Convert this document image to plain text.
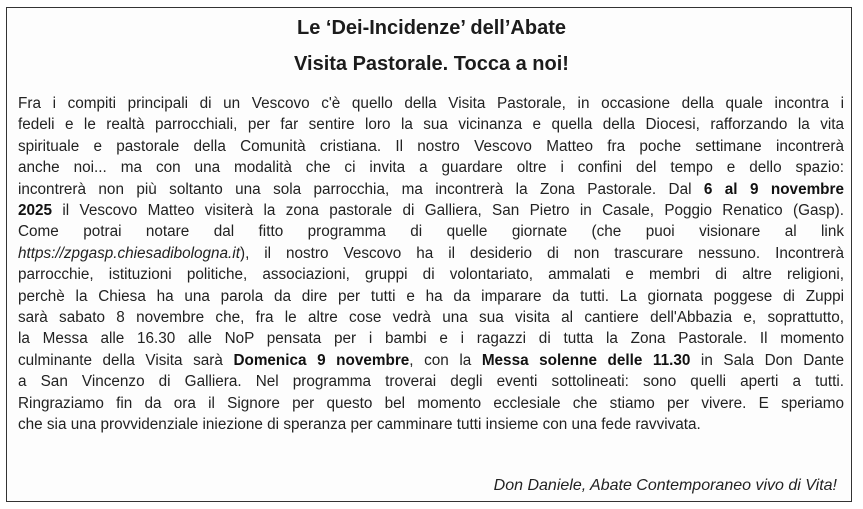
Le ‘Dei-Incidenze’ dell’Abate
Visita Pastorale. Tocca a noi!
Fra i compiti principali di un Vescovo c'è quello della Visita Pastorale, in occasione della quale incontra i
fedeli e le realtà parrocchiali, per far sentire loro la sua vicinanza e quella della Diocesi, rafforzando la vita
spirituale e pastorale della Comunità cristiana. Il nostro Vescovo Matteo fra poche settimane incontrerà
anche noi... ma con una modalità che ci invita a guardare oltre i confini del tempo e dello spazio:
incontrerà non più soltanto una sola parrocchia, ma incontrerà la Zona Pastorale. Dal 6 al 9 novembre
2025 il Vescovo Matteo visiterà la zona pastorale di Galliera, San Pietro in Casale, Poggio Renatico (Gasp).
Come potrai notare dal fitto programma di quelle giornate (che puoi visionare al link
https://zpgasp.chiesadibologna.it), il nostro Vescovo ha il desiderio di non trascurare nessuno. Incontrerà
parrocchie, istituzioni politiche, associazioni, gruppi di volontariato, ammalati e membri di altre religioni,
perchè la Chiesa ha una parola da dire per tutti e ha da imparare da tutti. La giornata poggese di Zuppi
sarà sabato 8 novembre che, fra le altre cose vedrà una sua visita al cantiere dell'Abbazia e, soprattutto,
la Messa alle 16.30 alle NoP pensata per i bambi e i ragazzi di tutta la Zona Pastorale. Il momento
culminante della Visita sarà Domenica 9 novembre, con la Messa solenne delle 11.30 in Sala Don Dante
a San Vincenzo di Galliera. Nel programma troverai degli eventi sottolineati: sono quelli aperti a tutti.
Ringraziamo fin da ora il Signore per questo bel momento ecclesiale che stiamo per vivere. E speriamo
che sia una provvidenziale iniezione di speranza per camminare tutti insieme con una fede ravvivata.

Don Daniele, Abate Contemporaneo vivo di Vita!
